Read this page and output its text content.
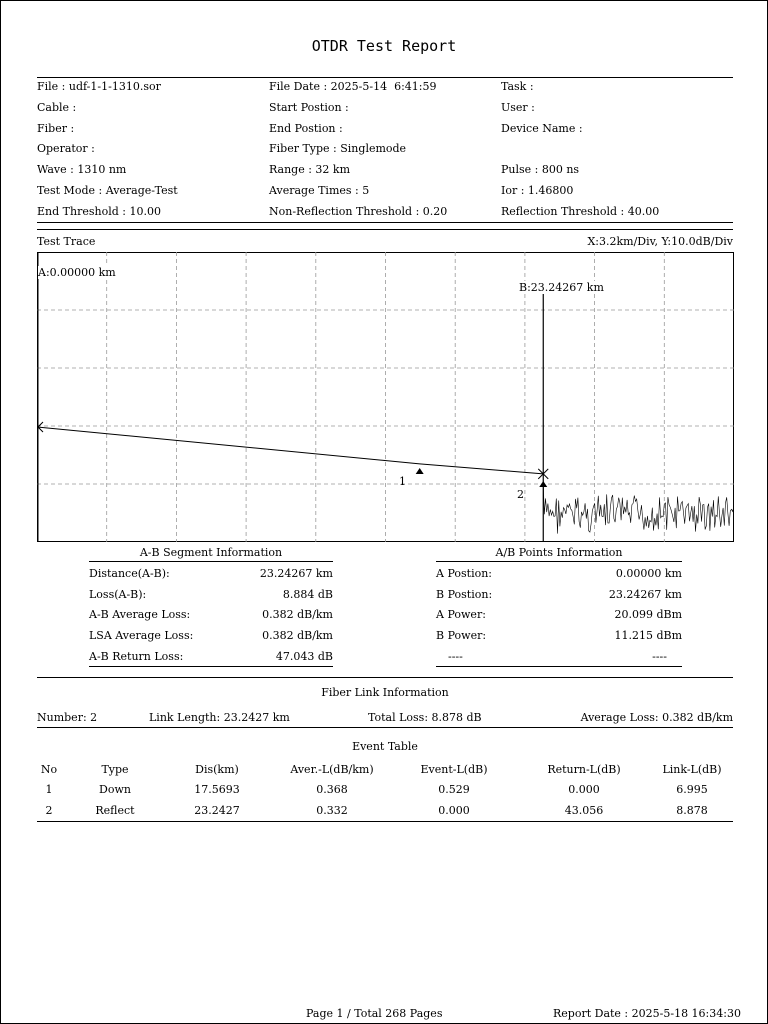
OTDR Test Report
File : udf-1-1-1310.sor
Cable :
Fiber :
Operator :
Wave : 1310 nm
Test Mode : Average-Test
End Threshold : 10.00
File Date : 2025-5-14  6:41:59
Start Postion :
End Postion :
Fiber Type : Singlemode
Range : 32 km
Average Times : 5
Non-Reflection Threshold : 0.20
Task :
User :
Device Name :
Pulse : 800 ns
Ior : 1.46800
Reflection Threshold : 40.00
Test Trace	X:3.2km/Div, Y:10.0dB/Div
A:0.00000 km
B:23.24267 km
1
2
A-B Segment Information
Distance(A-B):	23.24267 km
Loss(A-B):	8.884 dB
A-B Average Loss:	0.382 dB/km
LSA Average Loss:	0.382 dB/km
A-B Return Loss:	47.043 dB
A/B Points Information
A Postion:	0.00000 km
B Postion:	23.24267 km
A Power:	20.099 dBm
B Power:	11.215 dBm
----	----
Fiber Link Information
Number: 2	Link Length: 23.2427 km	Total Loss: 8.878 dB	Average Loss: 0.382 dB/km
Event Table
No	Type	Dis(km)	Aver.-L(dB/km)	Event-L(dB)	Return-L(dB)	Link-L(dB)
1	Down	17.5693	0.368	0.529	0.000	6.995
2	Reflect	23.2427	0.332	0.000	43.056	8.878
Page 1 / Total 268 Pages	Report Date : 2025-5-18 16:34:30
